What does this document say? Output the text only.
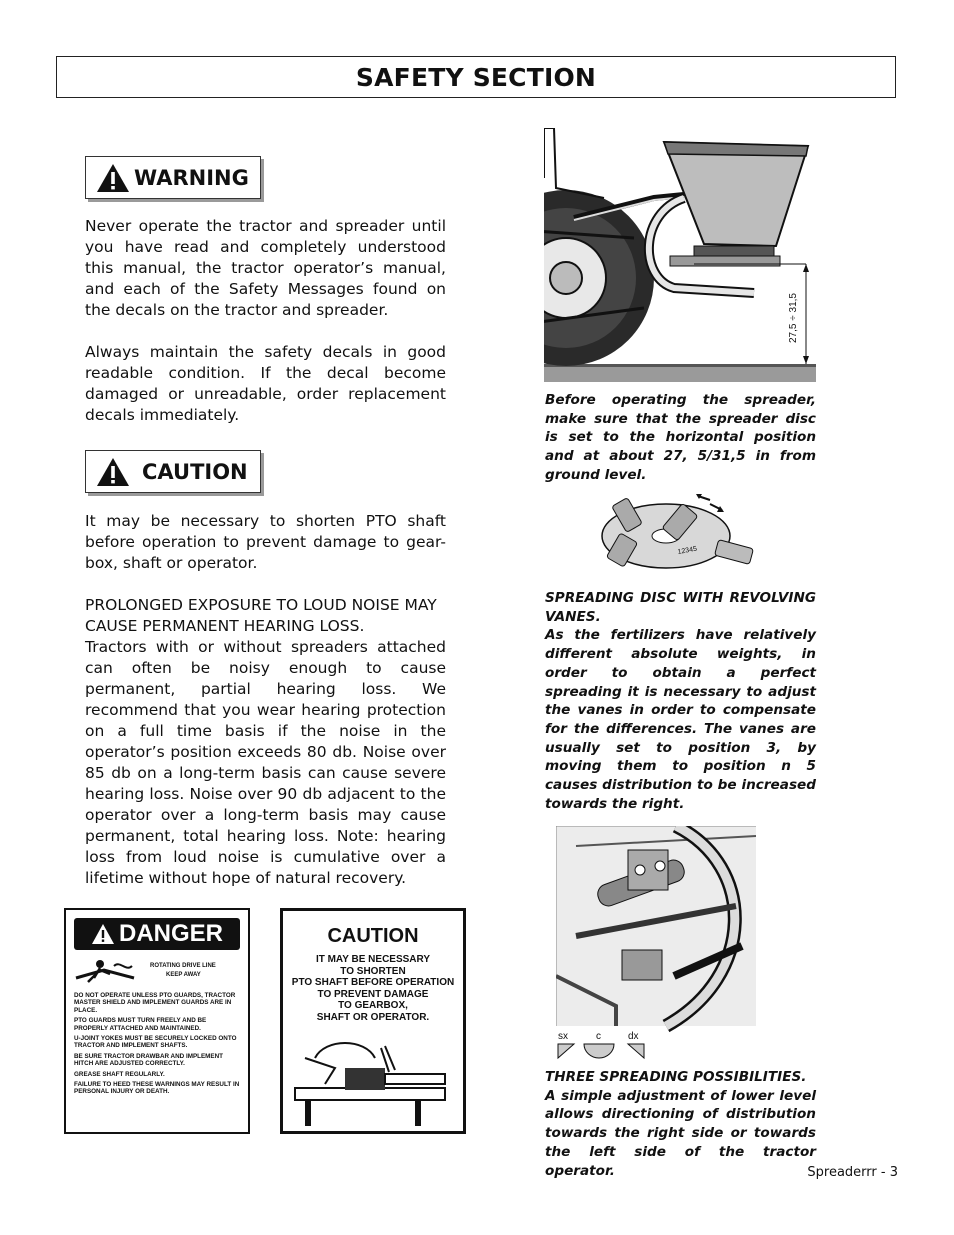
SAFETY SECTION
WARNING

Never operate the tractor and spreader until you have read and completely understood this manual, the tractor operator’s manual, and each of the Safety Messages found on the decals on the tractor and spreader.

Always maintain the safety decals in good readable condition. If the decal become damaged or unreadable, order replacement decals immediately.

CAUTION

It may be necessary to shorten PTO shaft before operation to prevent damage to gear-box, shaft or operator.

PROLONGED EXPOSURE TO LOUD NOISE MAY CAUSE PERMANENT HEARING LOSS.

Tractors with or without spreaders attached can often be noisy enough to cause permanent, partial hearing loss. We recommend that you wear hearing protection on a full time basis if the noise in the operator’s position exceeds 80 db. Noise over 85 db on a long-term basis can cause severe hearing loss. Noise over 90 db adjacent to the operator over a long-term basis may cause permanent, total hearing loss. Note: hearing loss from loud noise is cumulative over a lifetime without hope of natural recovery.

27,5 ÷ 31,5
Before operating the spreader, make sure that the spreader disc is set to the horizontal position and at about 27, 5/31,5 in from ground level.
12345

SPREADING DISC WITH REVOLVING VANES.

As the fertilizers have relatively different absolute weights, in order to obtain a perfect spreading it is necessary to adjust the vanes in order to compensate for the differences. The vanes are usually set to position 3, by moving them to position n 5 causes distribution to be increased towards the right.

sx	c	dx

THREE SPREADING POSSIBILITIES.

A simple adjustment of lower level allows directioning of distribution towards the right side or towards the left side of the tractor operator.

DANGER
ROTATING DRIVE LINE
KEEP AWAY
DO NOT OPERATE UNLESS PTO GUARDS, TRACTOR MASTER SHIELD AND IMPLEMENT GUARDS ARE IN PLACE.
PTO GUARDS MUST TURN FREELY AND BE PROPERLY ATTACHED AND MAINTAINED.
U-JOINT YOKES MUST BE SECURELY LOCKED ONTO TRACTOR AND IMPLEMENT SHAFTS.
BE SURE TRACTOR DRAWBAR AND IMPLEMENT HITCH ARE ADJUSTED CORRECTLY.
GREASE SHAFT REGULARLY.
FAILURE TO HEED THESE WARNINGS MAY RESULT IN PERSONAL INJURY OR DEATH.
CAUTION
IT MAY BE NECESSARY
TO SHORTEN
PTO SHAFT BEFORE OPERATION
TO PREVENT DAMAGE
TO GEARBOX,
SHAFT OR OPERATOR.
Spreaderrr - 3
